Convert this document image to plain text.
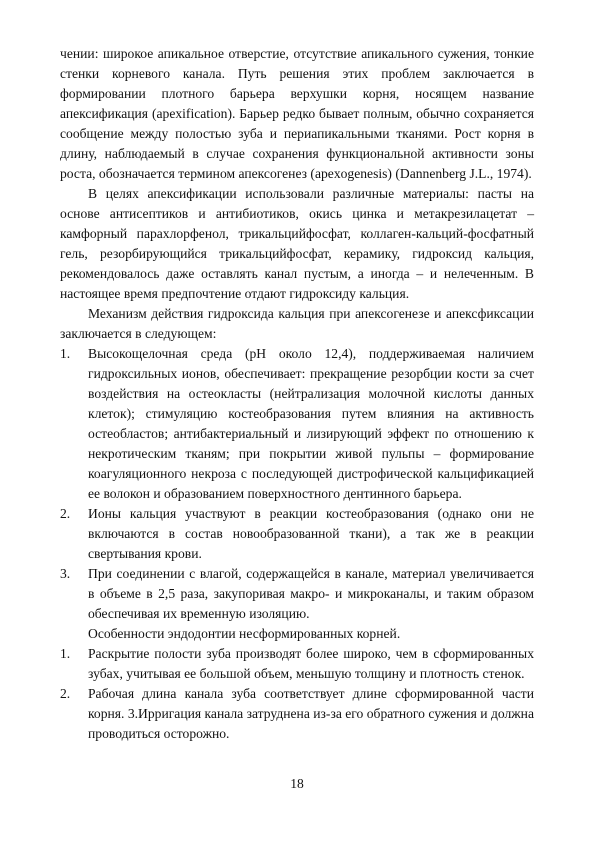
чении: широкое апикальное отверстие, отсутствие апикального сужения, тонкие стенки корневого канала. Путь решения этих проблем заключается в формировании плотного барьера верхушки корня, носящем название апексификация (apexification). Барьер редко бывает полным, обычно сохраняется сообщение между полостью зуба и периапикальными тканями. Рост корня в длину, наблюдаемый в случае сохранения функциональной активности зоны роста, обозначается термином апексогенез (apexogenesis) (Dannenberg J.L., 1974).

В целях апексификации использовали различные материалы: пасты на основе антисептиков и антибиотиков, окись цинка и метакрезилацетат – камфорный парахлорфенол, трикальцийфосфат, коллаген-кальций-фосфатный гель, резорбирующийся трикальцийфосфат, керамику, гидроксид кальция, рекомендовалось даже оставлять канал пустым, а иногда – и нелеченным. В настоящее время предпочтение отдают гидроксиду кальция.

Механизм действия гидроксида кальция при апексогенезе и апексфиксации заключается в следующем:

1. Высокощелочная среда (pH около 12,4), поддерживаемая наличием гидроксильных ионов, обеспечивает: прекращение резорбции кости за счет воздействия на остеокласты (нейтрализация молочной кислоты данных клеток); стимуляцию костеобразования путем влияния на активность остеобластов; антибактериальный и лизирующий эффект по отношению к некротическим тканям; при покрытии живой пульпы – формирование коагуляционного некроза с последующей дистрофической кальцификацией ее волокон и образованием поверхностного дентинного барьера.
2. Ионы кальция участвуют в реакции костеобразования (однако они не включаются в состав новообразованной ткани), а так же в реакции свертывания крови.
3. При соединении с влагой, содержащейся в канале, материал увеличивается в объеме в 2,5 раза, закупоривая макро- и микроканалы, и таким образом обеспечивая их временную изоляцию.
Особенности эндодонтии несформированных корней.
1. Раскрытие полости зуба производят более широко, чем в сформированных зубах, учитывая ее большой объем, меньшую толщину и плотность стенок.
2. Рабочая длина канала зуба соответствует длине сформированной части корня. 3.Ирригация канала затруднена из-за его обратного сужения и должна проводиться осторожно.
18
